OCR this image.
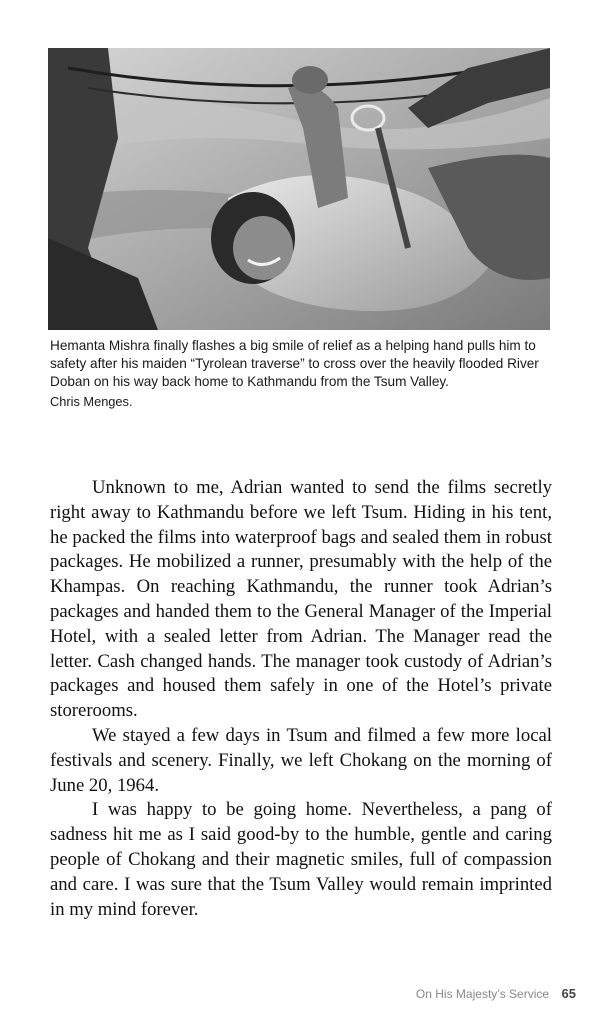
Hemanta Mishra finally flashes a big smile of relief as a helping hand pulls him to safety after his maiden “Tyrolean traverse” to cross over the heavily flooded River Doban on his way back home to Kathmandu from the Tsum Valley.

Chris Menges.

Unknown to me, Adrian wanted to send the films secretly right away to Kathmandu before we left Tsum. Hiding in his tent, he packed the films into waterproof bags and sealed them in robust packages. He mobilized a runner, presumably with the help of the Khampas. On reaching Kathmandu, the runner took Adrian’s packages and handed them to the General Manager of the Imperial Hotel, with a sealed letter from Adrian. The Manager read the letter. Cash changed hands. The manager took custody of Adrian’s packages and housed them safely in one of the Hotel’s private storerooms.

We stayed a few days in Tsum and filmed a few more local festivals and scenery. Finally, we left Chokang on the morning of June 20, 1964.

I was happy to be going home. Nevertheless, a pang of sadness hit me as I said good-by to the humble, gentle and caring people of Chokang and their magnetic smiles, full of compassion and care. I was sure that the Tsum Valley would remain imprinted in my mind forever.

On His Majesty’s Service 65
